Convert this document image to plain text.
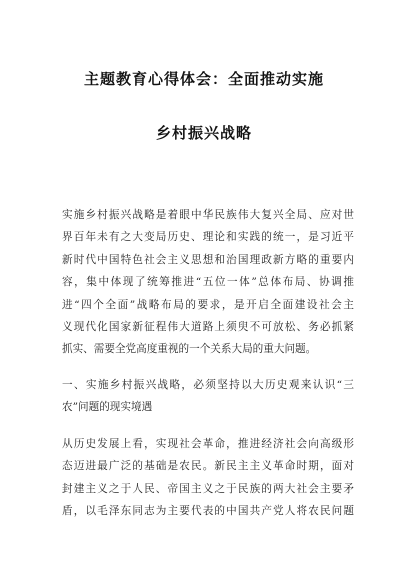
主题教育心得体会：全面推动实施
乡村振兴战略
实施乡村振兴战略是着眼中华民族伟大复兴全局、应对世
界百年未有之大变局历史、理论和实践的统一，是习近平
新时代中国特色社会主义思想和治国理政新方略的重要内
容，集中体现了统筹推进“五位一体”总体布局、协调推
进“四个全面”战略布局的要求，是开启全面建设社会主
义现代化国家新征程伟大道路上须臾不可放松、务必抓紧
抓实、需要全党高度重视的一个关系大局的重大问题。
一、实施乡村振兴战略，必须坚持以大历史观来认识“三
农”问题的现实境遇
从历史发展上看，实现社会革命，推进经济社会向高级形
态迈进最广泛的基础是农民。新民主主义革命时期，面对
封建主义之于人民、帝国主义之于民族的两大社会主要矛
盾，以毛泽东同志为主要代表的中国共产党人将农民问题
